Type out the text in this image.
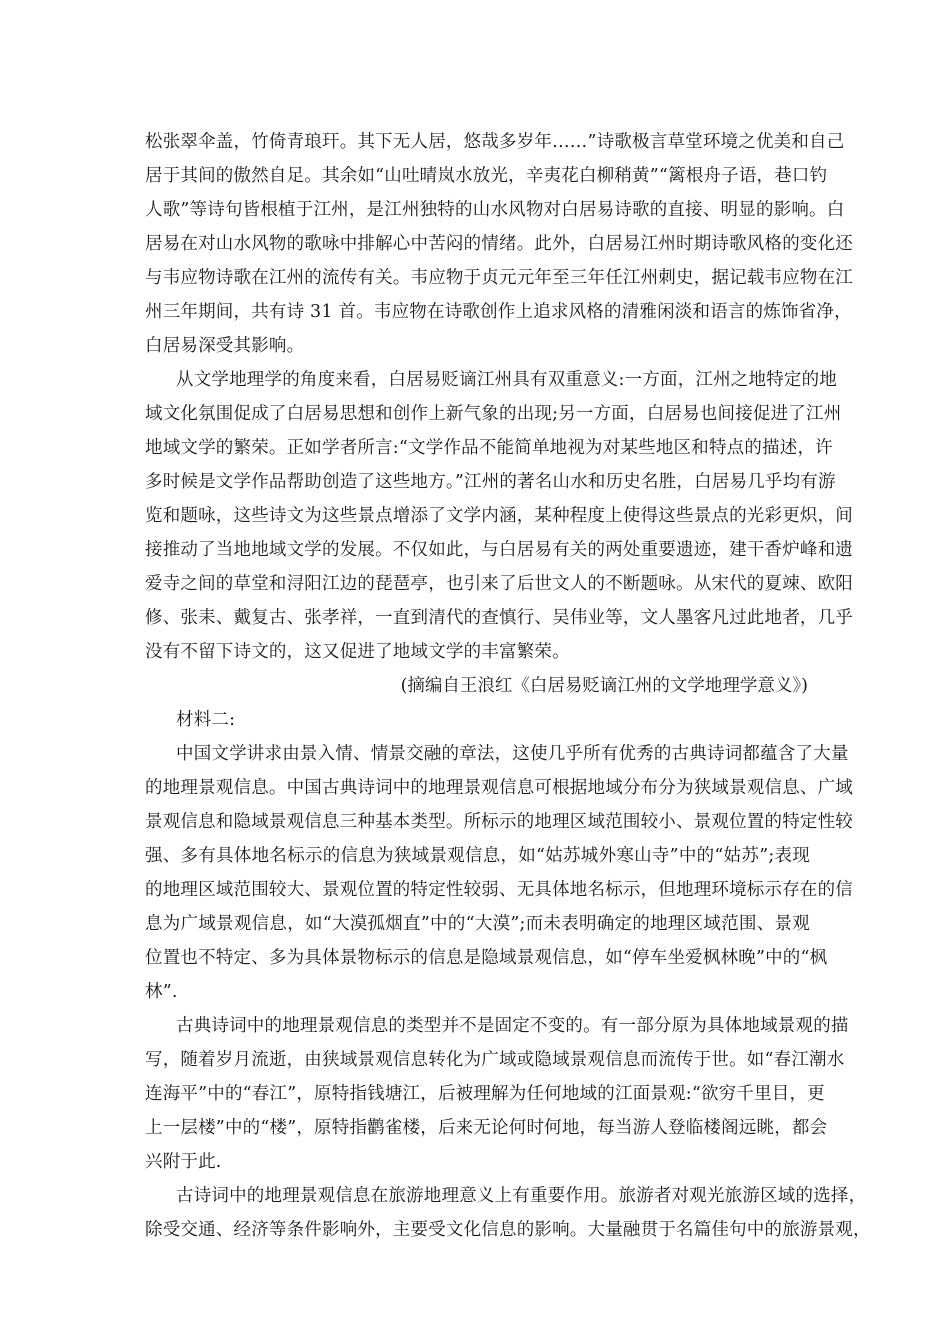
松张翠伞盖，竹倚青琅玕。其下无人居，悠哉多岁年……”诗歌极言草堂环境之优美和自己
居于其间的傲然自足。其余如“山吐晴岚水放光，辛夷花白柳稍黄”“篱根舟子语，巷口钓
人歌”等诗句皆根植于江州，是江州独特的山水风物对白居易诗歌的直接、明显的影响。白
居易在对山水风物的歌咏中排解心中苦闷的情绪。此外，白居易江州时期诗歌风格的变化还
与韦应物诗歌在江州的流传有关。韦应物于贞元元年至三年任江州刺史，据记载韦应物在江
州三年期间，共有诗 31 首。韦应物在诗歌创作上追求风格的清雅闲淡和语言的炼饰省净，
白居易深受其影响。
从文学地理学的角度来看，白居易贬谪江州具有双重意义:一方面，江州之地特定的地
域文化氛围促成了白居易思想和创作上新气象的出现;另一方面，白居易也间接促进了江州
地域文学的繁荣。正如学者所言:“文学作品不能简单地视为对某些地区和特点的描述，许
多时候是文学作品帮助创造了这些地方。”江州的著名山水和历史名胜，白居易几乎均有游
览和题咏，这些诗文为这些景点增添了文学内涵，某种程度上使得这些景点的光彩更炽，间
接推动了当地地域文学的发展。不仅如此，与白居易有关的两处重要遗迹，建干香炉峰和遗
爱寺之间的草堂和浔阳江边的琵琶亭，也引来了后世文人的不断题咏。从宋代的夏竦、欧阳
修、张耒、戴复古、张孝祥，一直到清代的查慎行、吴伟业等，文人墨客凡过此地者，几乎
没有不留下诗文的，这又促进了地域文学的丰富繁荣。
(摘编自王浪红《白居易贬谪江州的文学地理学意义》)
材料二:
中国文学讲求由景入情、情景交融的章法，这使几乎所有优秀的古典诗词都蕴含了大量
的地理景观信息。中国古典诗词中的地理景观信息可根据地域分布分为狭域景观信息、广域
景观信息和隐域景观信息三种基本类型。所标示的地理区域范围较小、景观位置的特定性较
强、多有具体地名标示的信息为狭域景观信息，如“姑苏城外寒山寺”中的“姑苏”;表现
的地理区域范围较大、景观位置的特定性较弱、无具体地名标示，但地理环境标示存在的信
息为广域景观信息，如“大漠孤烟直”中的“大漠”;而未表明确定的地理区域范围、景观
位置也不特定、多为具体景物标示的信息是隐域景观信息，如“停车坐爱枫林晚”中的“枫
林”.
古典诗词中的地理景观信息的类型并不是固定不变的。有一部分原为具体地域景观的描
写，随着岁月流逝，由狭域景观信息转化为广域或隐域景观信息而流传于世。如“春江潮水
连海平”中的“春江”，原特指钱塘江，后被理解为任何地域的江面景观:“欲穷千里目，更
上一层楼”中的“楼”，原特指鹳雀楼，后来无论何时何地，每当游人登临楼阁远眺，都会
兴附于此.
古诗词中的地理景观信息在旅游地理意义上有重要作用。旅游者对观光旅游区域的选择，
除受交通、经济等条件影响外，主要受文化信息的影响。大量融贯于名篇佳句中的旅游景观，
